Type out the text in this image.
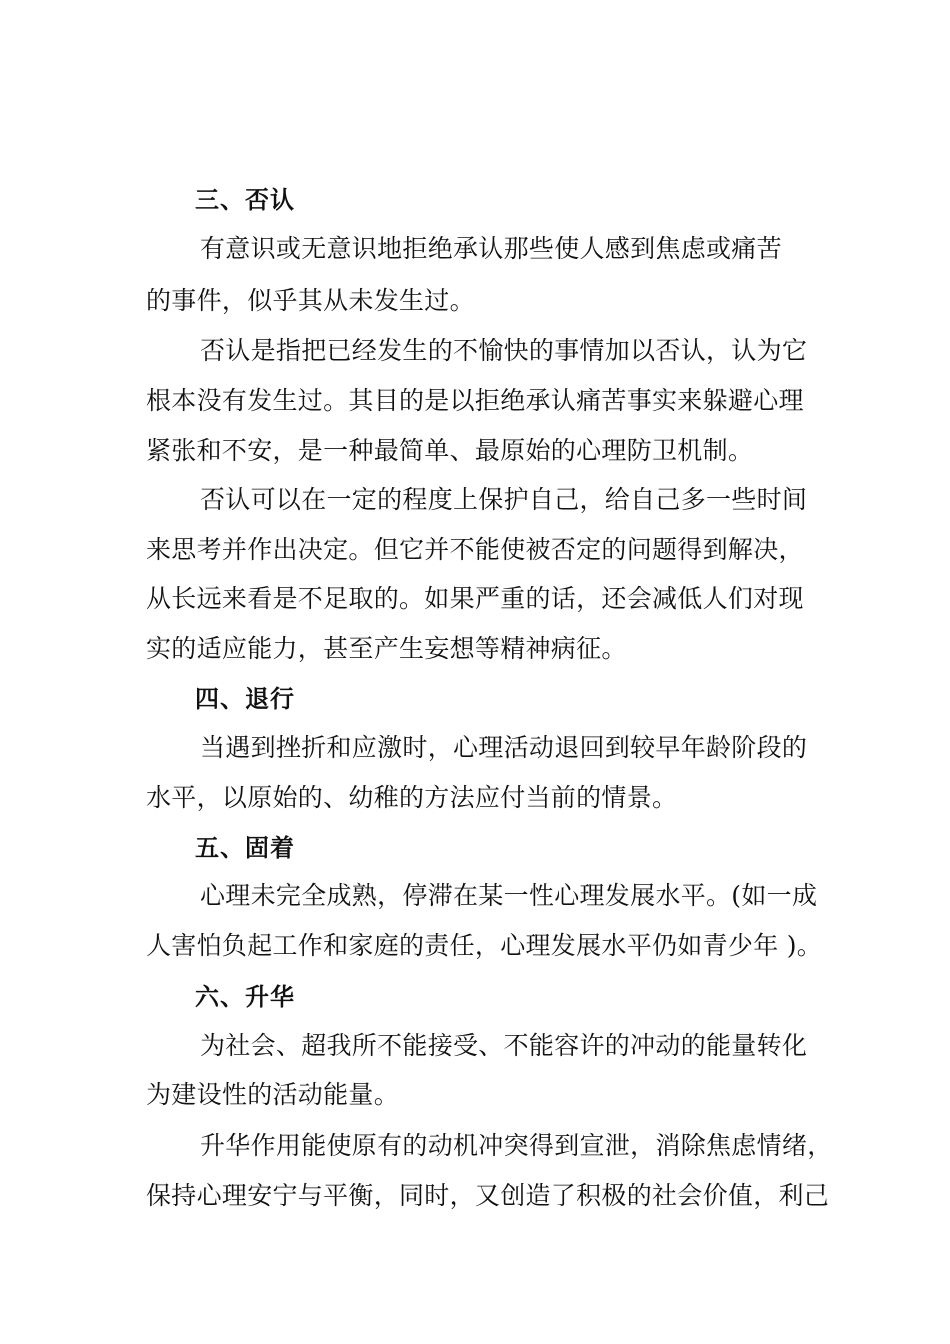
三、否认
有意识或无意识地拒绝承认那些使人感到焦虑或痛苦
的事件，似乎其从未发生过。
否认是指把已经发生的不愉快的事情加以否认，认为它
根本没有发生过。其目的是以拒绝承认痛苦事实来躲避心理
紧张和不安，是一种最简单、最原始的心理防卫机制。
否认可以在一定的程度上保护自己，给自己多一些时间
来思考并作出决定。但它并不能使被否定的问题得到解决，
从长远来看是不足取的。如果严重的话，还会减低人们对现
实的适应能力，甚至产生妄想等精神病征。
四、退行
当遇到挫折和应激时，心理活动退回到较早年龄阶段的
水平，以原始的、幼稚的方法应付当前的情景。
五、固着
心理未完全成熟，停滞在某一性心理发展水平。(如一成
人害怕负起工作和家庭的责任，心理发展水平仍如青少年 )。
六、升华
为社会、超我所不能接受、不能容许的冲动的能量转化
为建设性的活动能量。
升华作用能使原有的动机冲突得到宣泄，消除焦虑情绪，
保持心理安宁与平衡，同时，又创造了积极的社会价值，利己
